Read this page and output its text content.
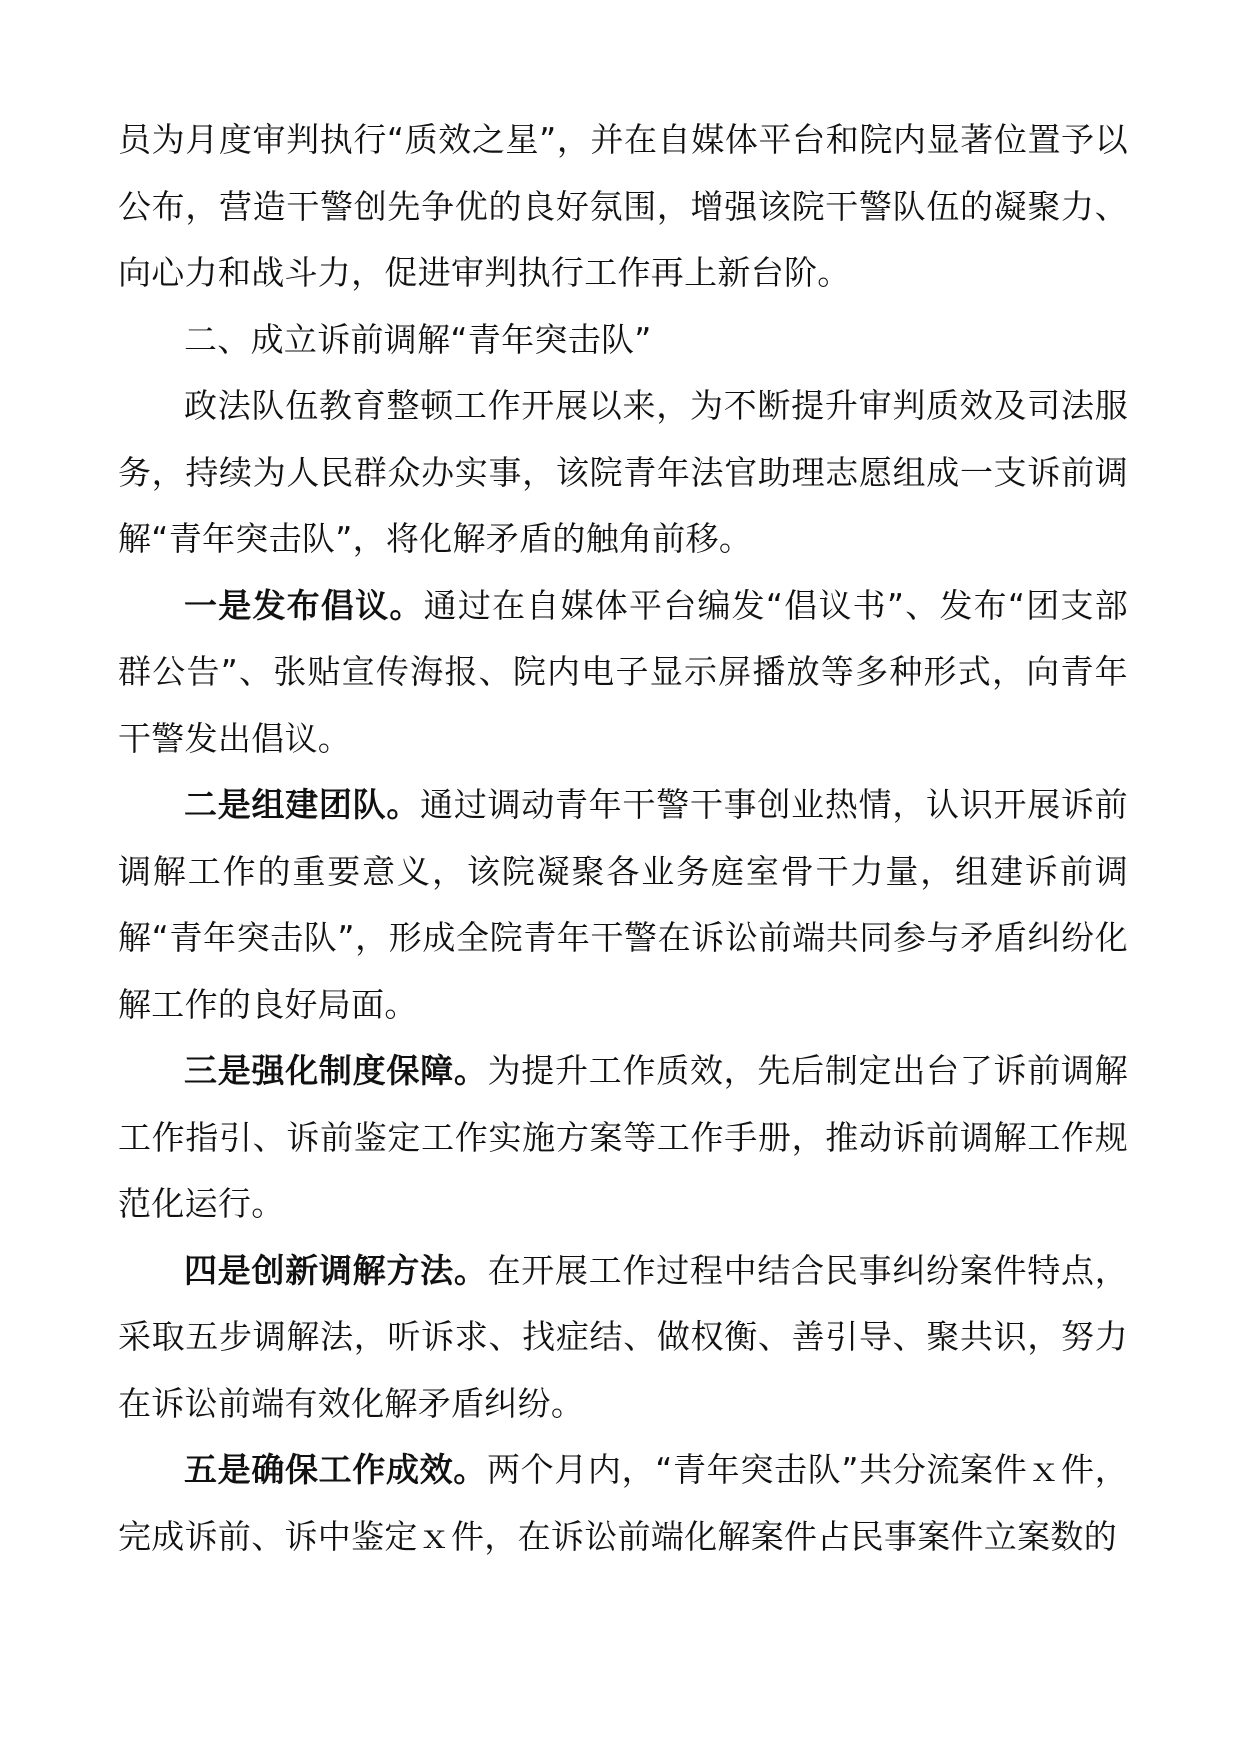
员为月度审判执行“质效之星”，并在自媒体平台和院内显著位置予以公布，营造干警创先争优的良好氛围，增强该院干警队伍的凝聚力、向心力和战斗力，促进审判执行工作再上新台阶。

二、成立诉前调解“青年突击队”

政法队伍教育整顿工作开展以来，为不断提升审判质效及司法服务，持续为人民群众办实事，该院青年法官助理志愿组成一支诉前调解“青年突击队”，将化解矛盾的触角前移。

一是发布倡议。通过在自媒体平台编发“倡议书”、发布“团支部群公告”、张贴宣传海报、院内电子显示屏播放等多种形式，向青年干警发出倡议。

二是组建团队。通过调动青年干警干事创业热情，认识开展诉前调解工作的重要意义，该院凝聚各业务庭室骨干力量，组建诉前调解“青年突击队”，形成全院青年干警在诉讼前端共同参与矛盾纠纷化解工作的良好局面。

三是强化制度保障。为提升工作质效，先后制定出台了诉前调解工作指引、诉前鉴定工作实施方案等工作手册，推动诉前调解工作规范化运行。

四是创新调解方法。在开展工作过程中结合民事纠纷案件特点，采取五步调解法，听诉求、找症结、做权衡、善引导、聚共识，努力在诉讼前端有效化解矛盾纠纷。

五是确保工作成效。两个月内，“青年突击队”共分流案件ｘ件，完成诉前、诉中鉴定ｘ件，在诉讼前端化解案件占民事案件立案数的
